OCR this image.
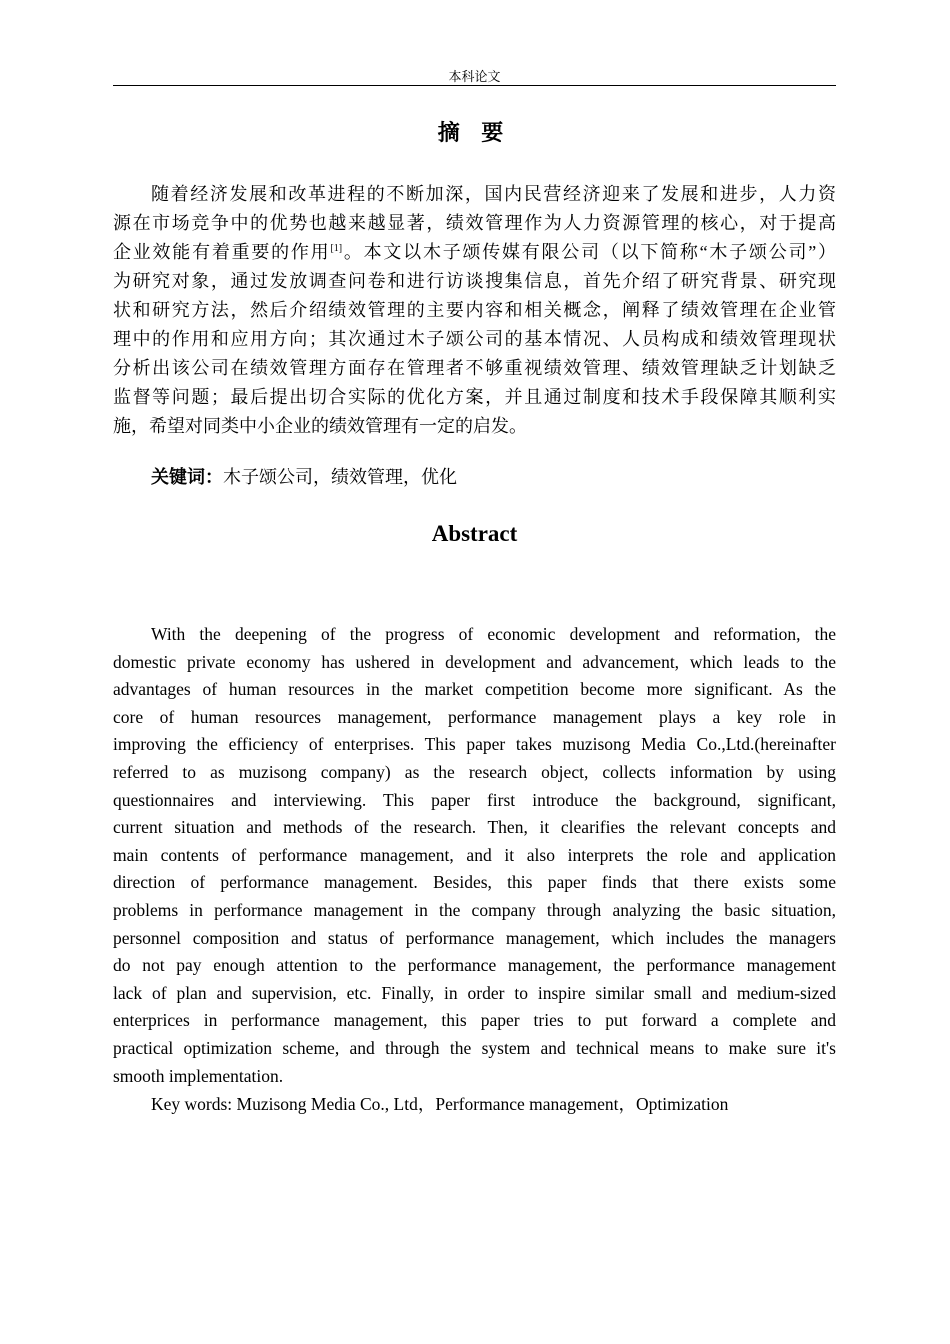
本科论文
摘 要
随着经济发展和改革进程的不断加深，国内民营经济迎来了发展和进步，人力资
源在市场竞争中的优势也越来越显著，绩效管理作为人力资源管理的核心，对于提高
企业效能有着重要的作用[1]。本文以木子颂传媒有限公司（以下简称“木子颂公司”）
为研究对象，通过发放调查问卷和进行访谈搜集信息，首先介绍了研究背景、研究现
状和研究方法，然后介绍绩效管理的主要内容和相关概念，阐释了绩效管理在企业管
理中的作用和应用方向；其次通过木子颂公司的基本情况、人员构成和绩效管理现状
分析出该公司在绩效管理方面存在管理者不够重视绩效管理、绩效管理缺乏计划缺乏
监督等问题；最后提出切合实际的优化方案，并且通过制度和技术手段保障其顺利实
施，希望对同类中小企业的绩效管理有一定的启发。
关键词：木子颂公司，绩效管理，优化
Abstract
With the deepening of the progress of economic development and reformation, the
domestic private economy has ushered in development and advancement, which leads to the
advantages of human resources in the market competition become more significant. As the
core of human resources management, performance management plays a key role in
improving the efficiency of enterprises. This paper takes muzisong Media Co.,Ltd.(hereinafter
referred to as muzisong company) as the research object, collects information by using
questionnaires and interviewing. This paper first introduce the background, significant,
current situation and methods of the research. Then, it clearifies the relevant concepts and
main contents of performance management, and it also interprets the role and application
direction of performance management. Besides, this paper finds that there exists some
problems in performance management in the company through analyzing the basic situation,
personnel composition and status of performance management, which includes the managers
do not pay enough attention to the performance management, the performance management
lack of plan and supervision, etc. Finally, in order to inspire similar small and medium-sized
enterprices in performance management, this paper tries to put forward a complete and
practical optimization scheme, and through the system and technical means to make sure it's
smooth implementation.
Key words: Muzisong Media Co., Ltd，Performance management，Optimization
